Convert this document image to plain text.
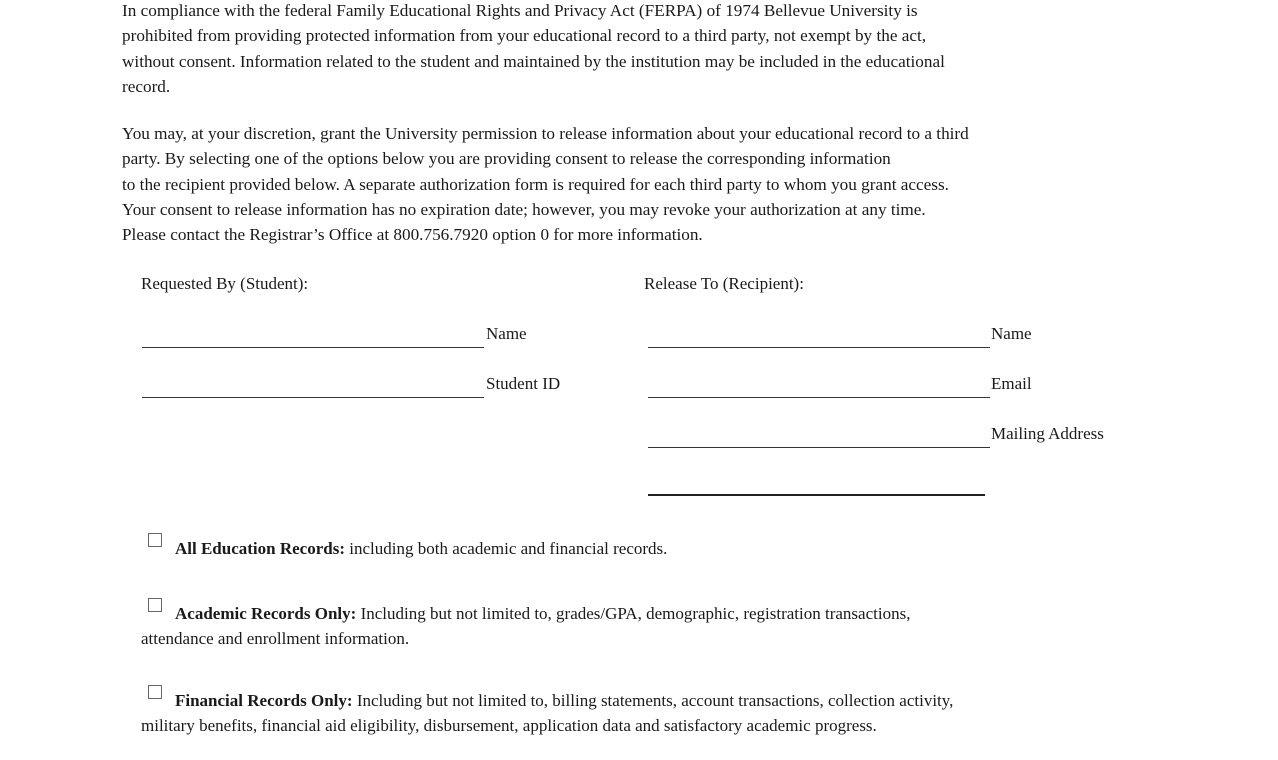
In compliance with the federal Family Educational Rights and Privacy Act (FERPA) of 1974 Bellevue University is
prohibited from providing protected information from your educational record to a third party, not exempt by the act,
without consent. Information related to the student and maintained by the institution may be included in the educational
record.

You may, at your discretion, grant the University permission to release information about your educational record to a third
party. By selecting one of the options below you are providing consent to release the corresponding information
to the recipient provided below. A separate authorization form is required for each third party to whom you grant access.
Your consent to release information has no expiration date; however, you may revoke your authorization at any time.
Please contact the Registrar’s Office at 800.756.7920 option 0 for more information.

Requested By (Student):	Release To (Recipient):
Name
Student ID
Name
Email
Mailing Address
All Education Records: including both academic and financial records.
Academic Records Only: Including but not limited to, grades/GPA, demographic, registration transactions,
attendance and enrollment information.
Financial Records Only: Including but not limited to, billing statements, account transactions, collection activity,
military benefits, financial aid eligibility, disbursement, application data and satisfactory academic progress.
